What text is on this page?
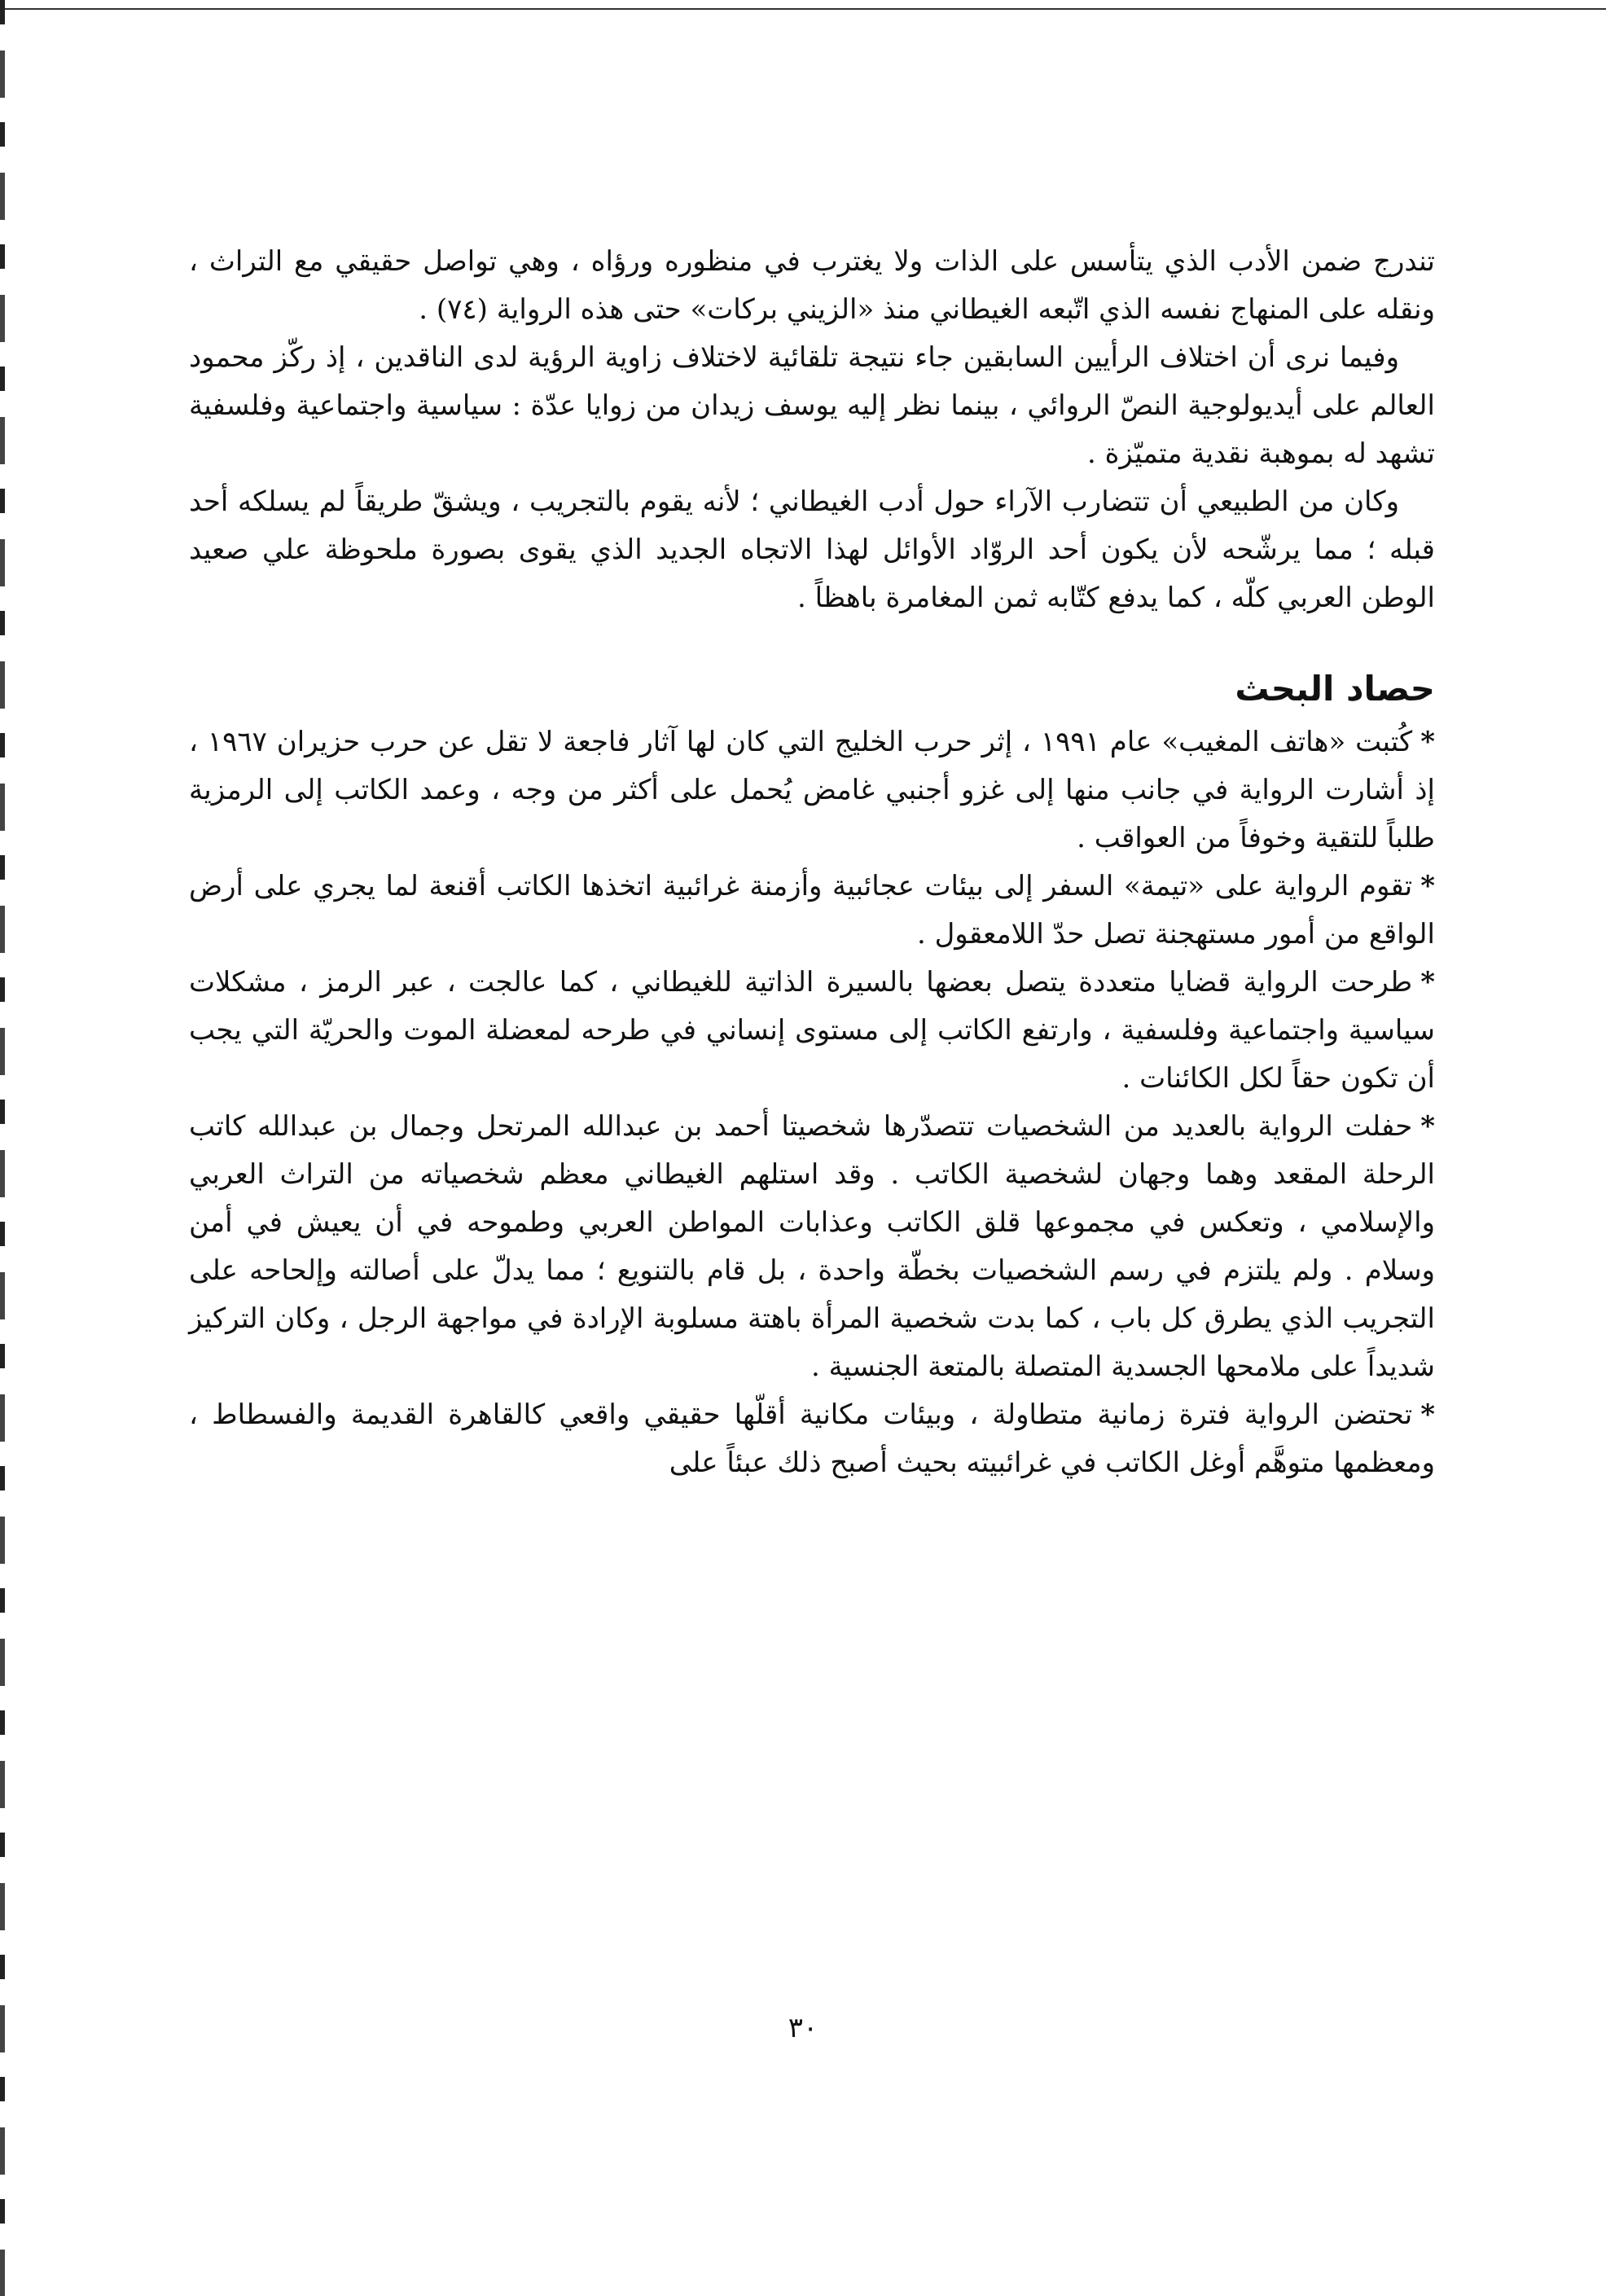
تندرج ضمن الأدب الذي يتأسس على الذات ولا يغترب في منظوره ورؤاه ، وهي تواصل حقيقي مع التراث ، ونقله على المنهاج نفسه الذي اتّبعه الغيطاني منذ «الزيني بركات» حتى هذه الرواية (٧٤) .

وفيما نرى أن اختلاف الرأيين السابقين جاء نتيجة تلقائية لاختلاف زاوية الرؤية لدى الناقدين ، إذ ركّز محمود العالم على أيديولوجية النصّ الروائي ، بينما نظر إليه يوسف زيدان من زوايا عدّة : سياسية واجتماعية وفلسفية تشهد له بموهبة نقدية متميّزة .

وكان من الطبيعي أن تتضارب الآراء حول أدب الغيطاني ؛ لأنه يقوم بالتجريب ، ويشقّ طريقاً لم يسلكه أحد قبله ؛ مما يرشّحه لأن يكون أحد الروّاد الأوائل لهذا الاتجاه الجديد الذي يقوى بصورة ملحوظة علي صعيد الوطن العربي كلّه ، كما يدفع كتّابه ثمن المغامرة باهظاً .

حصاد البحث
*كُتبت «هاتف المغيب» عام ١٩٩١ ، إثر حرب الخليج التي كان لها آثار فاجعة لا تقل عن حرب حزيران ١٩٦٧ ، إذ أشارت الرواية في جانب منها إلى غزو أجنبي غامض يُحمل على أكثر من وجه ، وعمد الكاتب إلى الرمزية طلباً للتقية وخوفاً من العواقب .
*تقوم الرواية على «تيمة» السفر إلى بيئات عجائبية وأزمنة غرائبية اتخذها الكاتب أقنعة لما يجري على أرض الواقع من أمور مستهجنة تصل حدّ اللامعقول .
*طرحت الرواية قضايا متعددة يتصل بعضها بالسيرة الذاتية للغيطاني ، كما عالجت ، عبر الرمز ، مشكلات سياسية واجتماعية وفلسفية ، وارتفع الكاتب إلى مستوى إنساني في طرحه لمعضلة الموت والحريّة التي يجب أن تكون حقاً لكل الكائنات .
*حفلت الرواية بالعديد من الشخصيات تتصدّرها شخصيتا أحمد بن عبدالله المرتحل وجمال بن عبدالله كاتب الرحلة المقعد وهما وجهان لشخصية الكاتب . وقد استلهم الغيطاني معظم شخصياته من التراث العربي والإسلامي ، وتعكس في مجموعها قلق الكاتب وعذابات المواطن العربي وطموحه في أن يعيش في أمن وسلام . ولم يلتزم في رسم الشخصيات بخطّة واحدة ، بل قام بالتنويع ؛ مما يدلّ على أصالته وإلحاحه على التجريب الذي يطرق كل باب ، كما بدت شخصية المرأة باهتة مسلوبة الإرادة في مواجهة الرجل ، وكان التركيز شديداً على ملامحها الجسدية المتصلة بالمتعة الجنسية .
*تحتضن الرواية فترة زمانية متطاولة ، وبيئات مكانية أقلّها حقيقي واقعي كالقاهرة القديمة والفسطاط ، ومعظمها متوهَّم أوغل الكاتب في غرائبيته بحيث أصبح ذلك عبئاً على
٣٠
